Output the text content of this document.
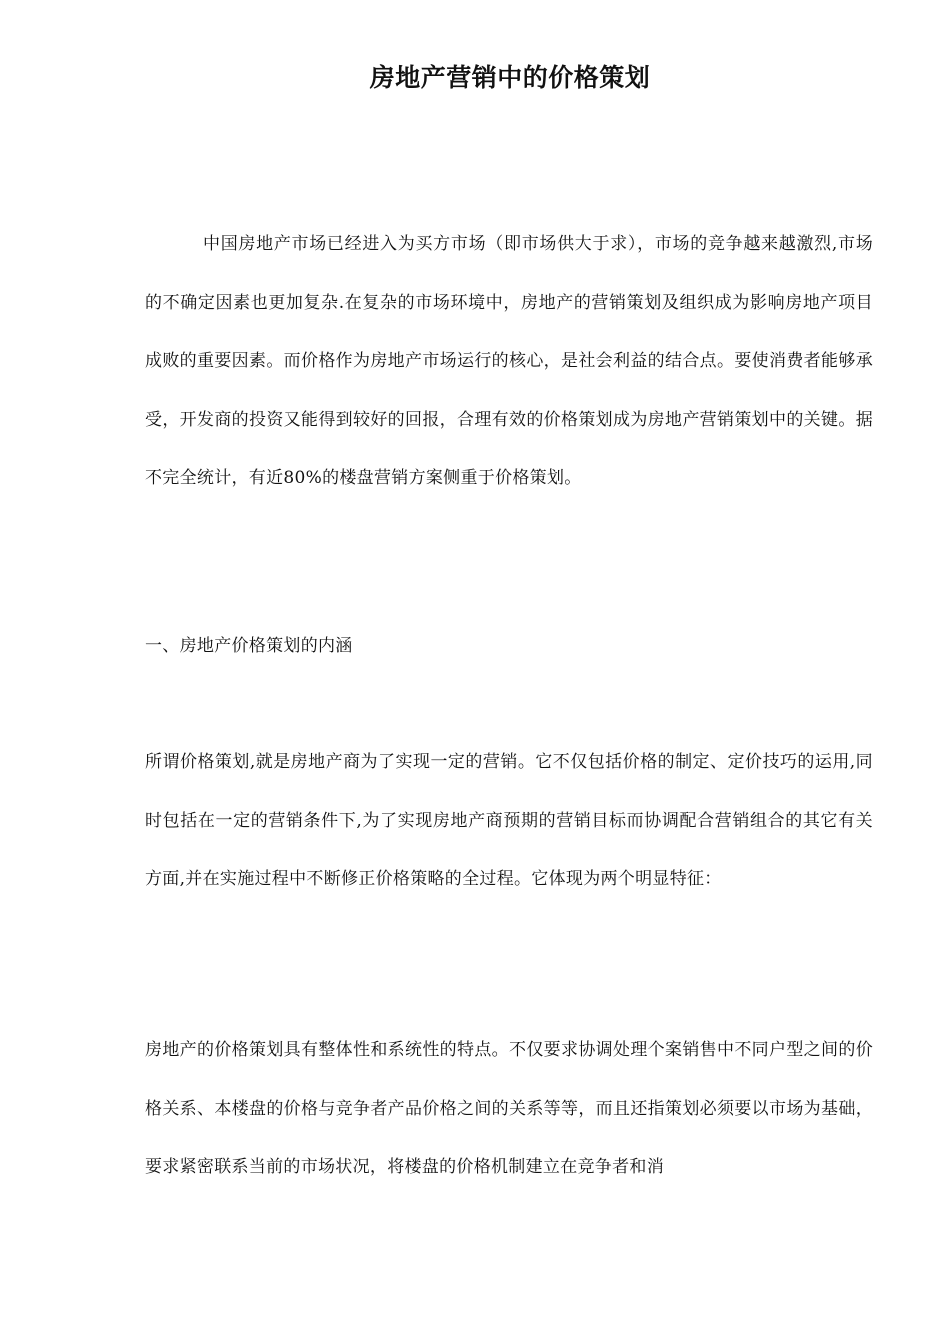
房地产营销中的价格策划

中国房地产市场已经进入为买方市场（即市场供大于求），市场的竞争越来越激烈,市场的不确定因素也更加复杂.在复杂的市场环境中，房地产的营销策划及组织成为影响房地产项目成败的重要因素。而价格作为房地产市场运行的核心，是社会利益的结合点。要使消费者能够承受，开发商的投资又能得到较好的回报，合理有效的价格策划成为房地产营销策划中的关键。据不完全统计，有近80%的楼盘营销方案侧重于价格策划。

一、房地产价格策划的内涵

所谓价格策划,就是房地产商为了实现一定的营销。它不仅包括价格的制定、定价技巧的运用,同时包括在一定的营销条件下,为了实现房地产商预期的营销目标而协调配合营销组合的其它有关方面,并在实施过程中不断修正价格策略的全过程。它体现为两个明显特征：

房地产的价格策划具有整体性和系统性的特点。不仅要求协调处理个案销售中不同户型之间的价格关系、本楼盘的价格与竞争者产品价格之间的关系等等，而且还指策划必须要以市场为基础，要求紧密联系当前的市场状况，将楼盘的价格机制建立在竞争者和消
